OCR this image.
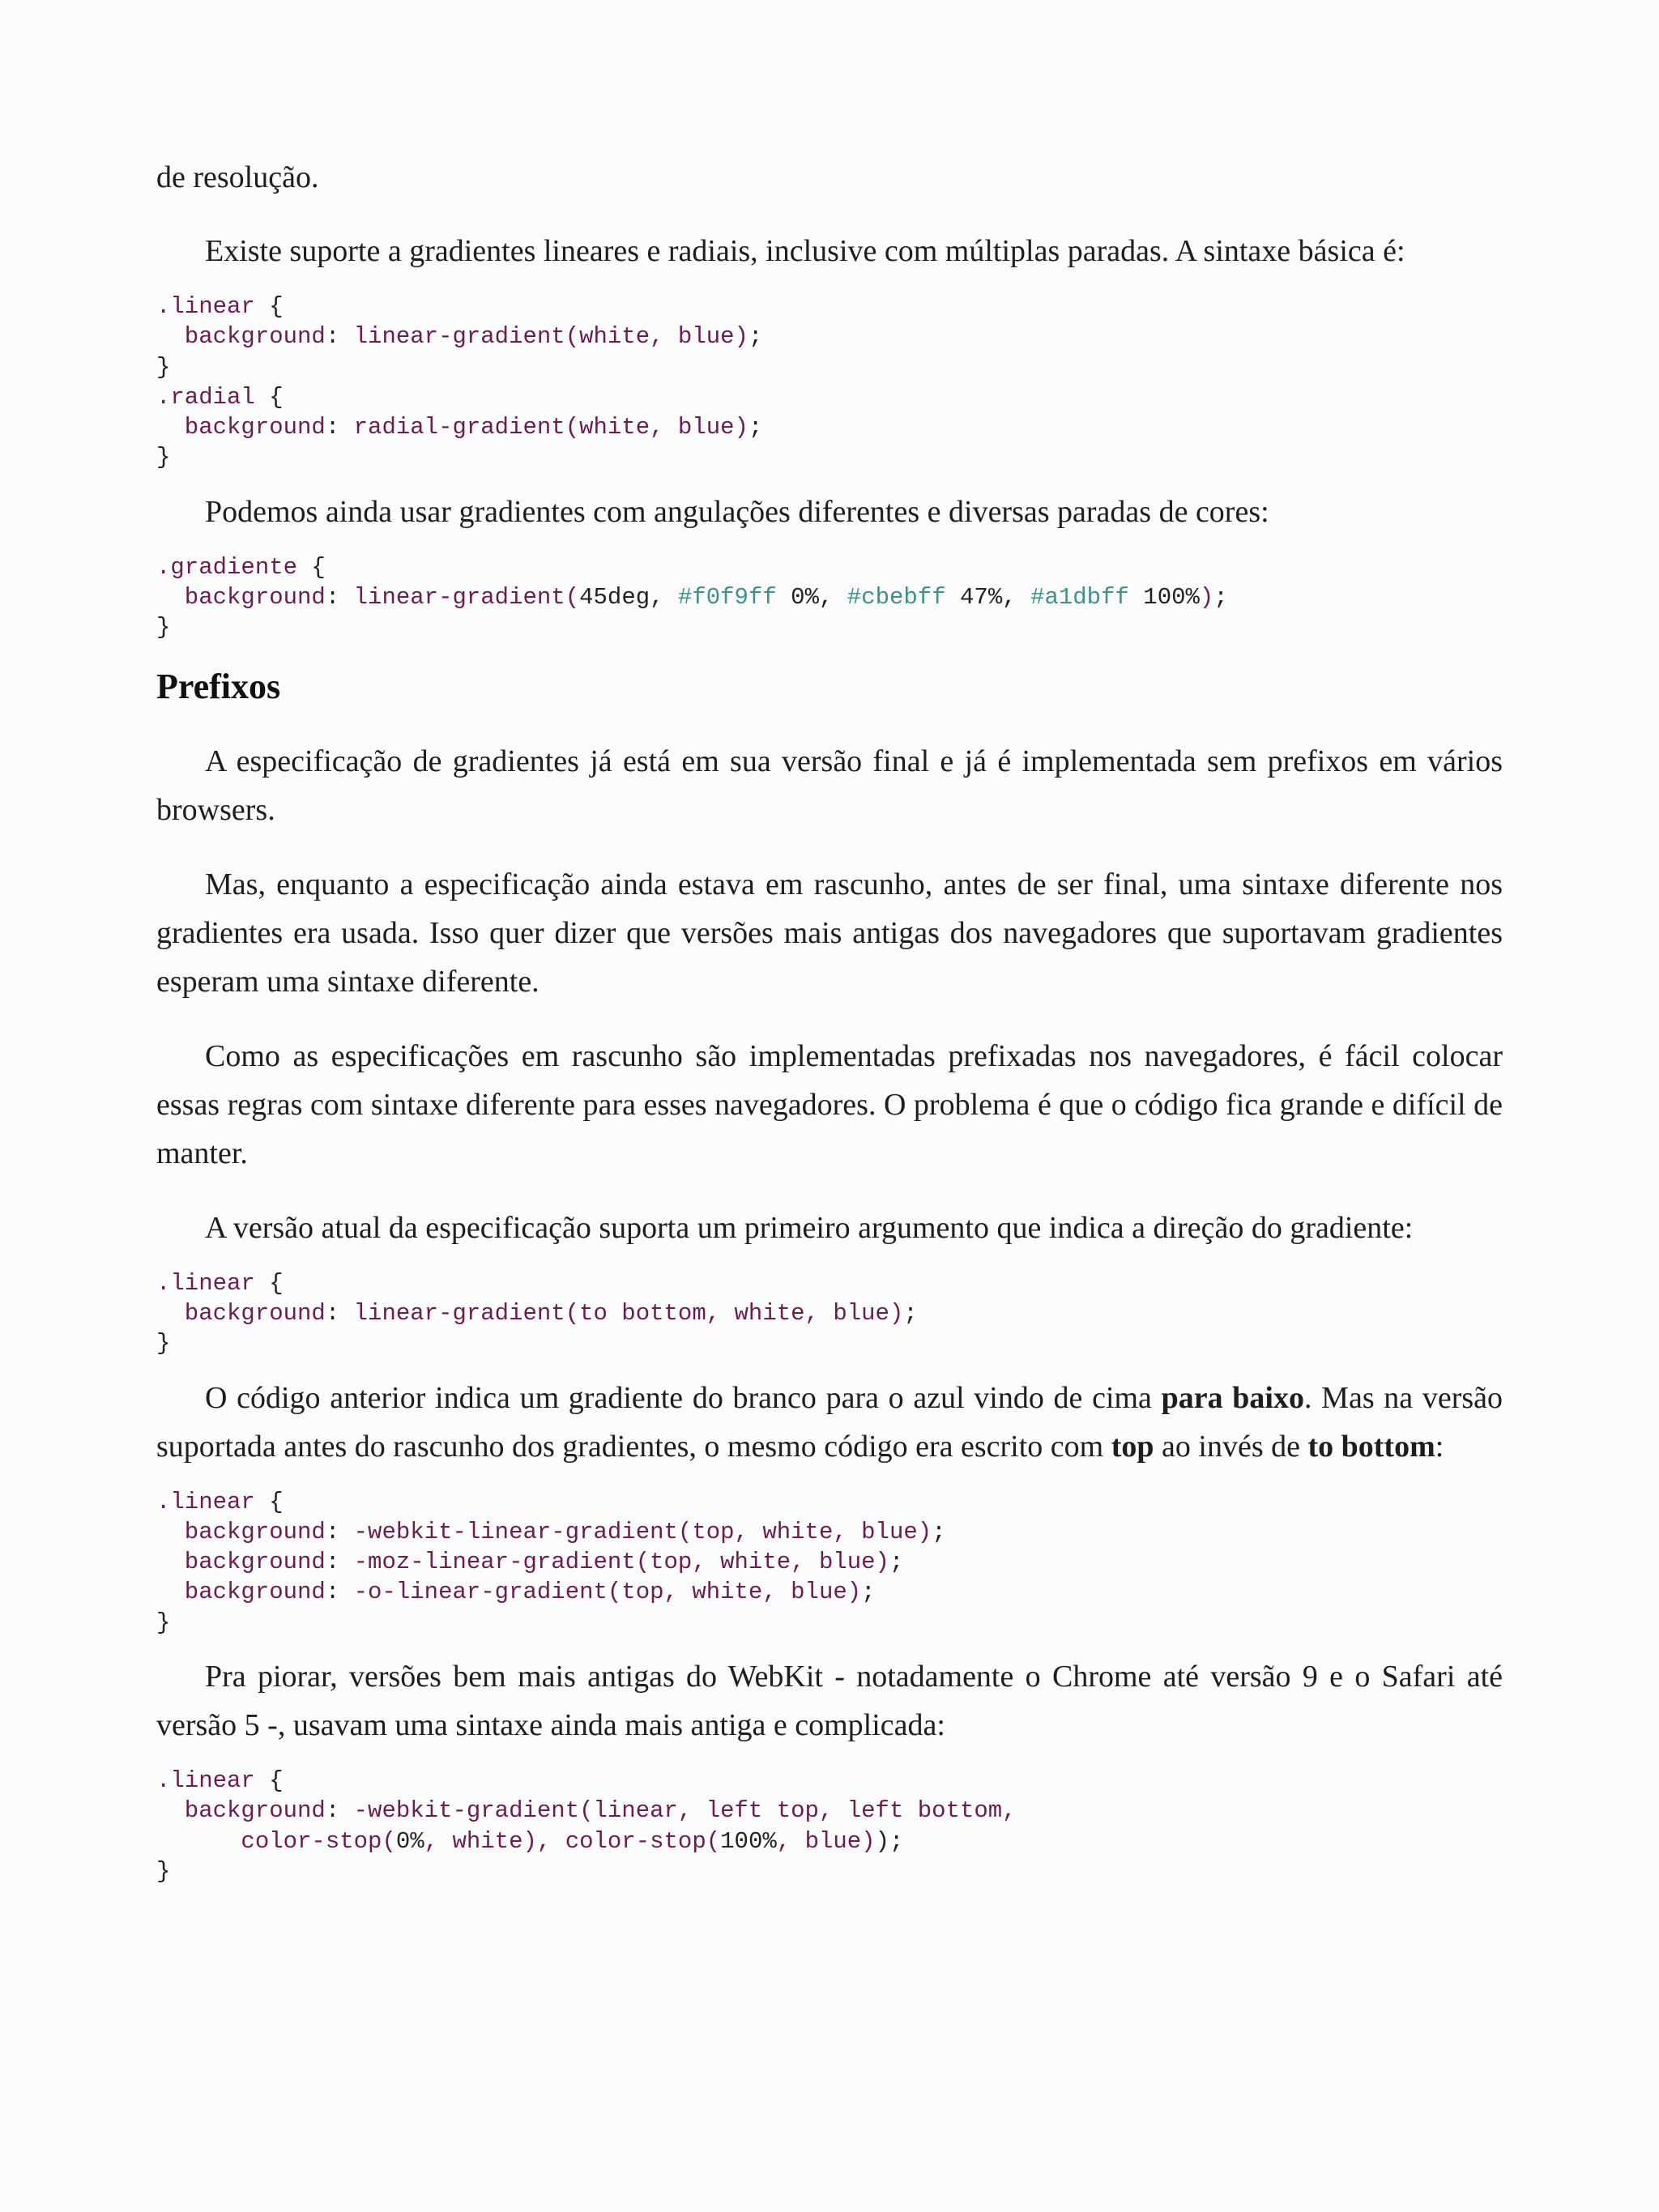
de resolução.

Existe suporte a gradientes lineares e radiais, inclusive com múltiplas paradas. A sintaxe básica é:

.linear {
background: linear-gradient(white, blue);
}
.radial {
background: radial-gradient(white, blue);
}

Podemos ainda usar gradientes com angulações diferentes e diversas paradas de cores:

.gradiente {
background: linear-gradient(45deg, #f0f9ff 0%, #cbebff 47%, #a1dbff 100%);
}
Prefixos

A especificação de gradientes já está em sua versão final e já é implementada sem prefixos em vários browsers.

Mas, enquanto a especificação ainda estava em rascunho, antes de ser final, uma sintaxe diferente nos gradientes era usada. Isso quer dizer que versões mais antigas dos navegadores que suportavam gradientes esperam uma sintaxe diferente.

Como as especificações em rascunho são implementadas prefixadas nos navegadores, é fácil colocar essas regras com sintaxe diferente para esses navegadores. O problema é que o código fica grande e difícil de manter.

A versão atual da especificação suporta um primeiro argumento que indica a direção do gradiente:

.linear {
background: linear-gradient(to bottom, white, blue);
}

O código anterior indica um gradiente do branco para o azul vindo de cima para baixo. Mas na versão suportada antes do rascunho dos gradientes, o mesmo código era escrito com top ao invés de to bottom:

.linear {
background: -webkit-linear-gradient(top, white, blue);
background: -moz-linear-gradient(top, white, blue);
background: -o-linear-gradient(top, white, blue);
}

Pra piorar, versões bem mais antigas do WebKit - notadamente o Chrome até versão 9 e o Safari até versão 5 -, usavam uma sintaxe ainda mais antiga e complicada:

.linear {
background: -webkit-gradient(linear, left top, left bottom,
color-stop(0%, white), color-stop(100%, blue));
}
